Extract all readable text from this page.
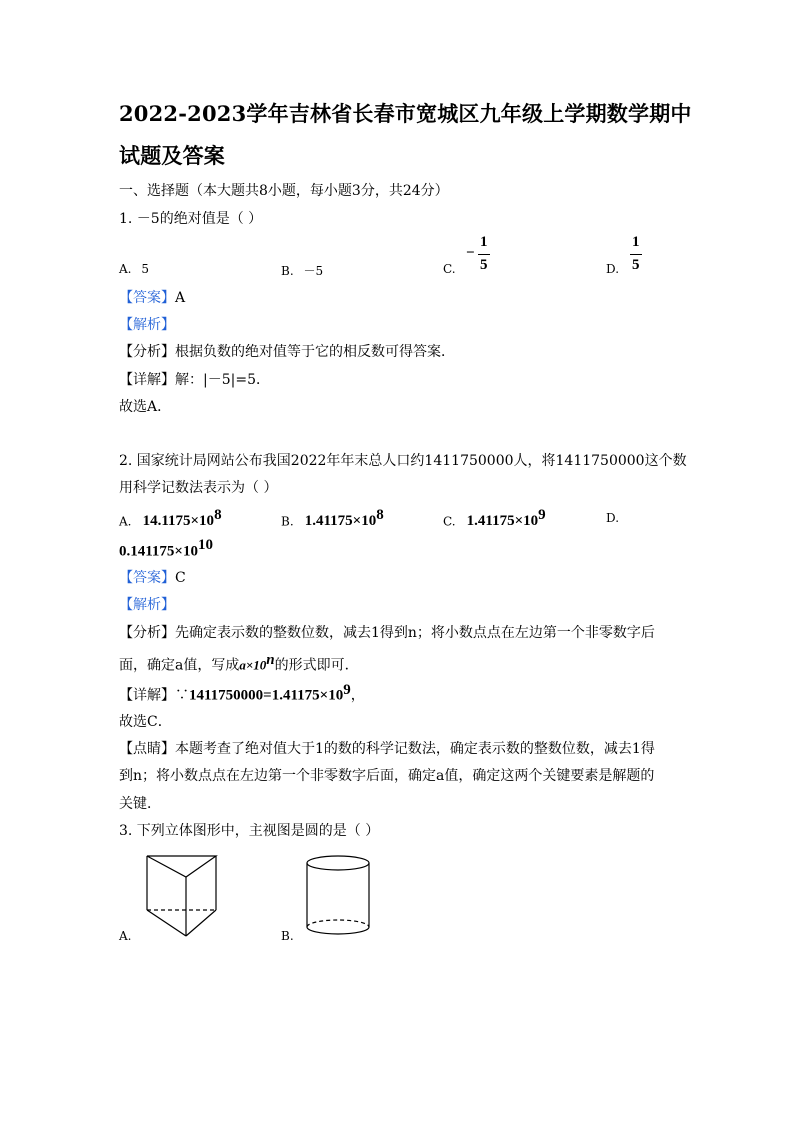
2022-2023学年吉林省长春市宽城区九年级上学期数学期中
试题及答案
一、选择题（本大题共8小题，每小题3分，共24分）
1. －5的绝对值是（ ）
A. 5	B. －5	C.
−
1
5	D.
1
5
【答案】A
【解析】
【分析】根据负数的绝对值等于它的相反数可得答案．
【详解】解：|－5|=5．
故选A．
2. 国家统计局网站公布我国2022年年末总人口约1411750000人，将1411750000这个数
用科学记数法表示为（ ）
A. $14.1175\times 10^8$	B. $1.41175\times 10^8$	C. $1.41175\times 10^9$	D.
$0.141175\times 10^{10}$
【答案】C
【解析】
【分析】先确定表示数的整数位数，减去1得到n；将小数点点在左边第一个非零数字后
面，确定a值，写成$a\times 10^n$的形式即可．
【详解】$\because 1411750000=1.41175\times 10^9$，
故选C．
【点睛】本题考查了绝对值大于1的数的科学记数法，确定表示数的整数位数，减去1得
到n；将小数点点在左边第一个非零数字后面，确定a值，确定这两个关键要素是解题的
关键．
3. 下列立体图形中，主视图是圆的是（ ）
A.	B.
